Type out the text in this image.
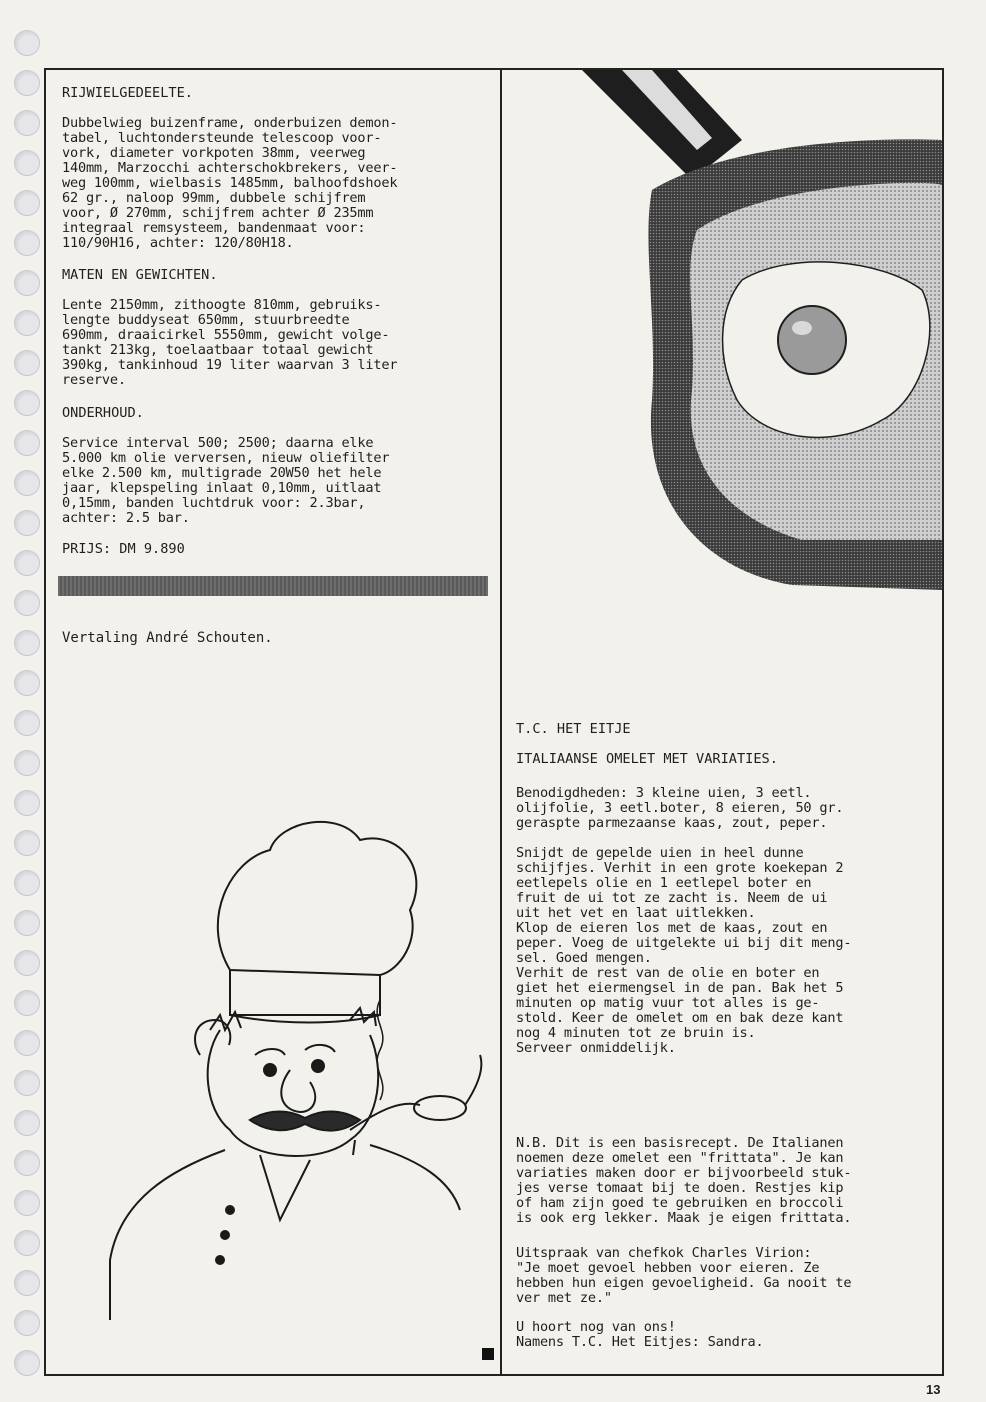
RIJWIELGEDEELTE.
Dubbelwieg buizenframe, onderbuizen demon-
tabel, luchtondersteunde telescoop voor-
vork, diameter vorkpoten 38mm, veerweg
140mm, Marzocchi achterschokbrekers, veer-
weg 100mm, wielbasis 1485mm, balhoofdshoek
62 gr., naloop 99mm, dubbele schijfrem
voor, Ø 270mm, schijfrem achter Ø 235mm
integraal remsysteem, bandenmaat voor:
110/90H16, achter: 120/80H18.
MATEN EN GEWICHTEN.
Lente 2150mm, zithoogte 810mm, gebruiks-
lengte buddyseat 650mm, stuurbreedte
690mm, draaicirkel 5550mm, gewicht volge-
tankt 213kg, toelaatbaar totaal gewicht
390kg, tankinhoud 19 liter waarvan 3 liter
reserve.
ONDERHOUD.
Service interval 500; 2500; daarna elke
5.000 km olie verversen, nieuw oliefilter
elke 2.500 km, multigrade 20W50 het hele
jaar, klepspeling inlaat 0,10mm, uitlaat
0,15mm, banden luchtdruk voor: 2.3bar,
achter: 2.5 bar.
PRIJS: DM 9.890
Vertaling André Schouten.
T.C. HET EITJE
ITALIAANSE OMELET MET VARIATIES.
Benodigdheden: 3 kleine uien, 3 eetl.
olijfolie, 3 eetl.boter, 8 eieren, 50 gr.
geraspte parmezaanse kaas, zout, peper.
Snijdt de gepelde uien in heel dunne
schijfjes. Verhit in een grote koekepan 2
eetlepels olie en 1 eetlepel boter en
fruit de ui tot ze zacht is. Neem de ui
uit het vet en laat uitlekken.
Klop de eieren los met de kaas, zout en
peper. Voeg de uitgelekte ui bij dit meng-
sel. Goed mengen.
Verhit de rest van de olie en boter en
giet het eiermengsel in de pan. Bak het 5
minuten op matig vuur tot alles is ge-
stold. Keer de omelet om en bak deze kant
nog 4 minuten tot ze bruin is.
Serveer onmiddelijk.
N.B. Dit is een basisrecept. De Italianen
noemen deze omelet een "frittata". Je kan
variaties maken door er bijvoorbeeld stuk-
jes verse tomaat bij te doen. Restjes kip
of ham zijn goed te gebruiken en broccoli
is ook erg lekker. Maak je eigen frittata.
Uitspraak van chefkok Charles Virion:
"Je moet gevoel hebben voor eieren. Ze
hebben hun eigen gevoeligheid. Ga nooit te
ver met ze."
U hoort nog van ons!
Namens T.C. Het Eitjes: Sandra.
13
